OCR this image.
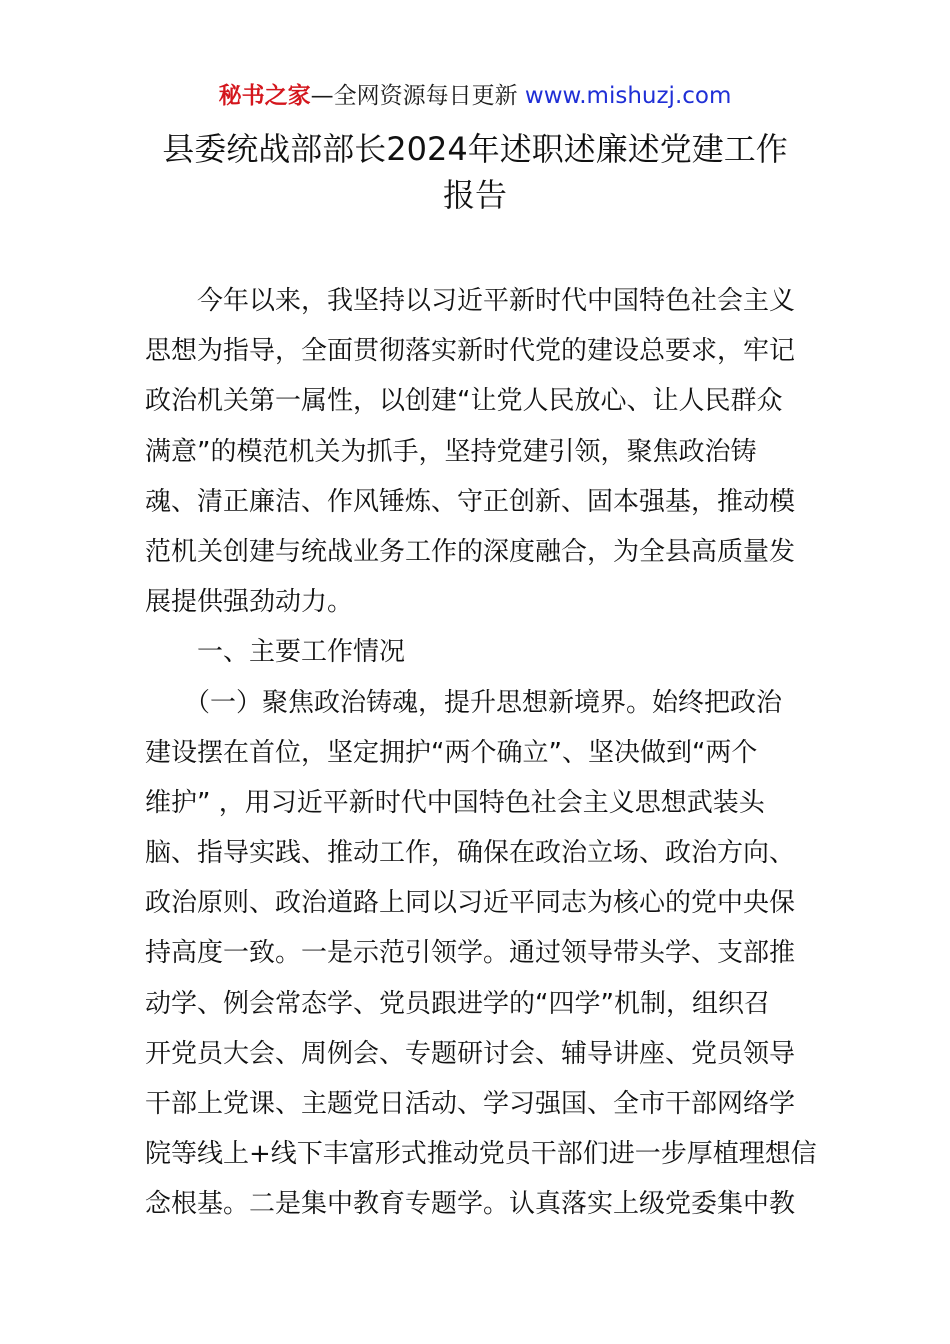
秘书之家—全网资源每日更新 www.mishuzj.com
县委统战部部长2024年述职述廉述党建工作
报告
　　今年以来，我坚持以习近平新时代中国特色社会主义
思想为指导，全面贯彻落实新时代党的建设总要求，牢记
政治机关第一属性，以创建“让党人民放心、让人民群众
满意”的模范机关为抓手，坚持党建引领，聚焦政治铸
魂、清正廉洁、作风锤炼、守正创新、固本强基，推动模
范机关创建与统战业务工作的深度融合，为全县高质量发
展提供强劲动力。
　　一、主要工作情况
　　（一）聚焦政治铸魂，提升思想新境界。始终把政治
建设摆在首位，坚定拥护“两个确立”、坚决做到“两个
维护” ，用习近平新时代中国特色社会主义思想武装头
脑、指导实践、推动工作，确保在政治立场、政治方向、
政治原则、政治道路上同以习近平同志为核心的党中央保
持高度一致。一是示范引领学。通过领导带头学、支部推
动学、例会常态学、党员跟进学的“四学”机制，组织召
开党员大会、周例会、专题研讨会、辅导讲座、党员领导
干部上党课、主题党日活动、学习强国、全市干部网络学
院等线上+线下丰富形式推动党员干部们进一步厚植理想信
念根基。二是集中教育专题学。认真落实上级党委集中教
